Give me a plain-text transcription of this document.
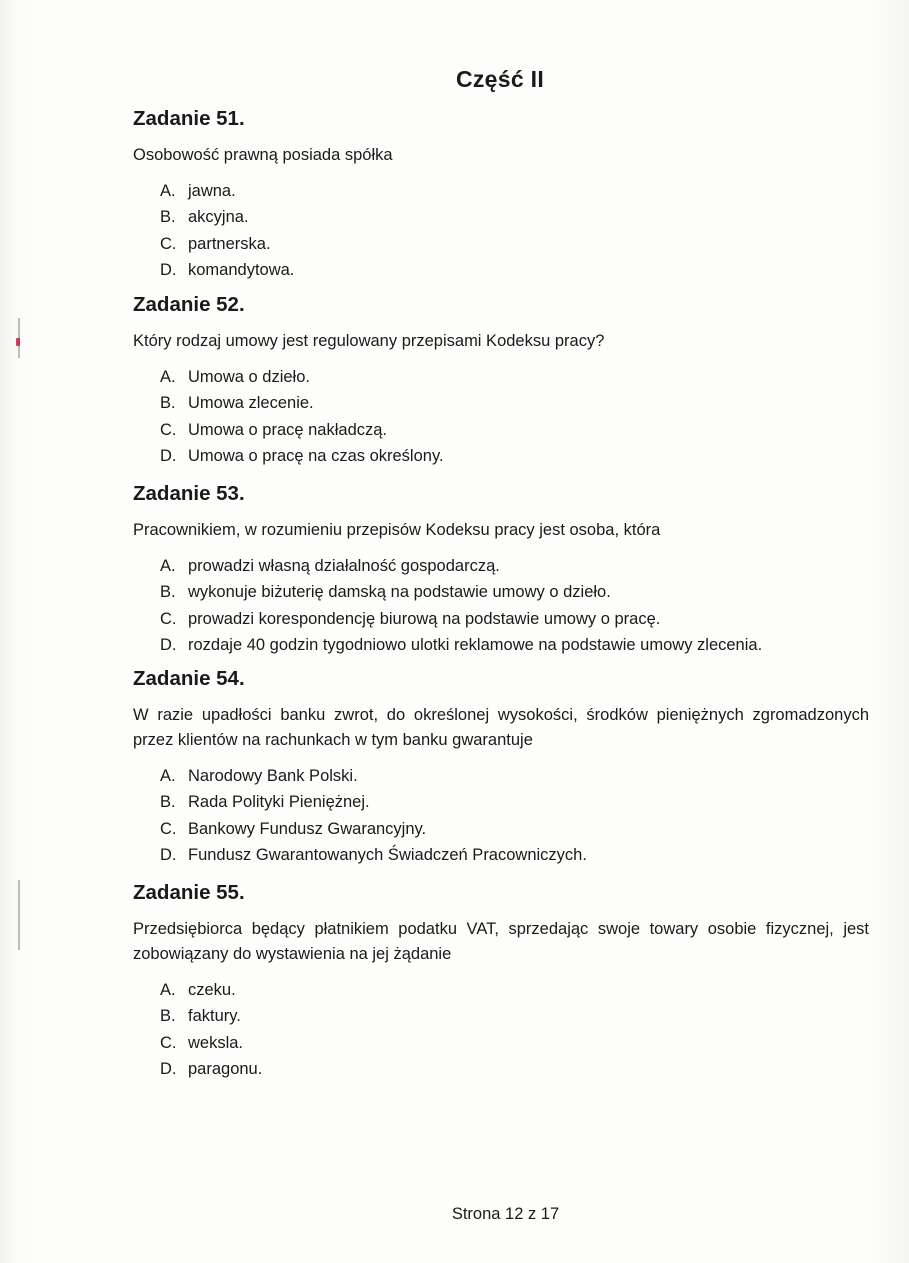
Część II
Zadanie 51.
Osobowość prawną posiada spółka
A. jawna.
B. akcyjna.
C. partnerska.
D. komandytowa.
Zadanie 52.
Który rodzaj umowy jest regulowany przepisami Kodeksu pracy?
A. Umowa o dzieło.
B. Umowa zlecenie.
C. Umowa o pracę nakładczą.
D. Umowa o pracę na czas określony.
Zadanie 53.
Pracownikiem, w rozumieniu przepisów Kodeksu pracy jest osoba, która
A. prowadzi własną działalność gospodarczą.
B. wykonuje biżuterię damską na podstawie umowy o dzieło.
C. prowadzi korespondencję biurową na podstawie umowy o pracę.
D. rozdaje 40 godzin tygodniowo ulotki reklamowe na podstawie umowy zlecenia.
Zadanie 54.
W razie upadłości banku zwrot, do określonej wysokości, środków pieniężnych zgromadzonych przez klientów na rachunkach w tym banku gwarantuje
A. Narodowy Bank Polski.
B. Rada Polityki Pieniężnej.
C. Bankowy Fundusz Gwarancyjny.
D. Fundusz Gwarantowanych Świadczeń Pracowniczych.
Zadanie 55.
Przedsiębiorca będący płatnikiem podatku VAT, sprzedając swoje towary osobie fizycznej, jest zobowiązany do wystawienia na jej żądanie
A. czeku.
B. faktury.
C. weksla.
D. paragonu.
Strona 12 z 17
